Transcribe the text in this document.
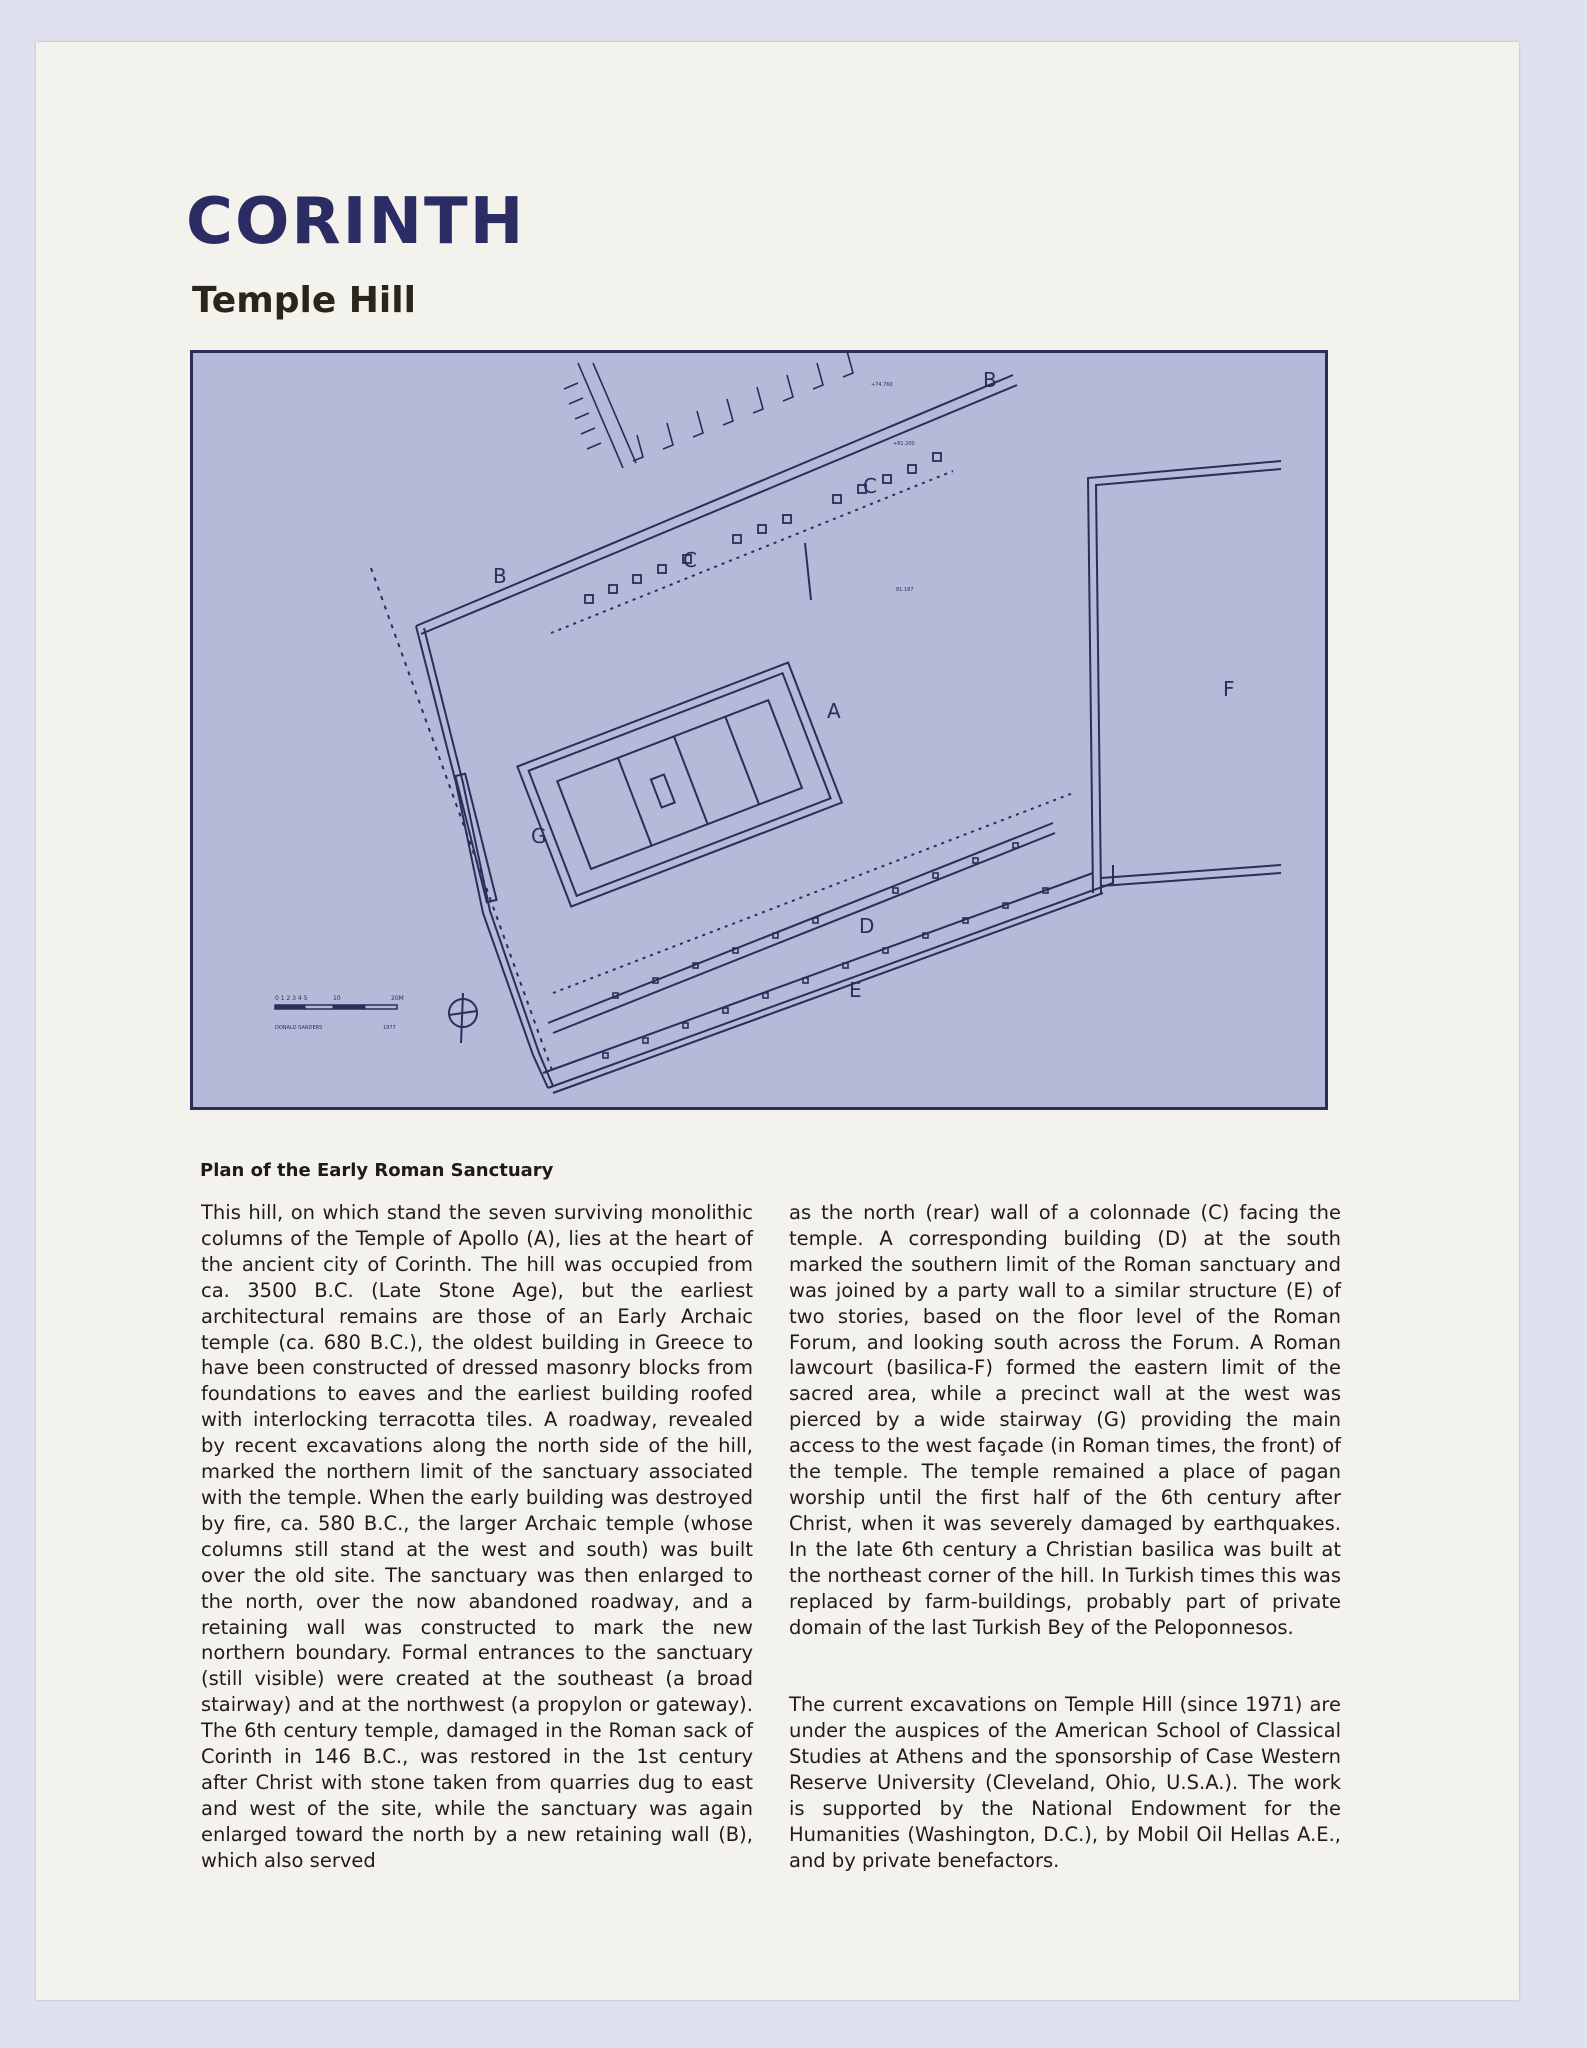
CORINTH
Temple Hill
A
B
B
C
C
D
E
F
G
0 1 2 3 4 5	10	20M
DONALD SANDERS	1977
+74.760
+81.200
81.187

Plan of the Early Roman Sanctuary

This hill, on which stand the seven surviving monolithic columns of the Temple of Apollo (A), lies at the heart of the ancient city of Corinth. The hill was occupied from ca. 3500 B.C. (Late Stone Age), but the earliest architectural remains are those of an Early Archaic temple (ca. 680 B.C.), the oldest building in Greece to have been constructed of dressed masonry blocks from foundations to eaves and the earliest building roofed with interlocking terracotta tiles. A roadway, revealed by recent excavations along the north side of the hill, marked the northern limit of the sanctuary associated with the temple. When the early building was destroyed by fire, ca. 580 B.C., the larger Archaic temple (whose columns still stand at the west and south) was built over the old site. The sanctuary was then enlarged to the north, over the now abandoned roadway, and a retaining wall was constructed to mark the new northern boundary. Formal entrances to the sanctuary (still visible) were created at the southeast (a broad stairway) and at the northwest (a propylon or gateway). The 6th century temple, damaged in the Roman sack of Corinth in 146 B.C., was restored in the 1st century after Christ with stone taken from quarries dug to east and west of the site, while the sanctuary was again enlarged toward the north by a new retaining wall (B), which also served

as the north (rear) wall of a colonnade (C) facing the temple. A corresponding building (D) at the south marked the southern limit of the Roman sanctuary and was joined by a party wall to a similar structure (E) of two stories, based on the floor level of the Roman Forum, and looking south across the Forum. A Roman lawcourt (basilica-F) formed the eastern limit of the sacred area, while a precinct wall at the west was pierced by a wide stairway (G) providing the main access to the west façade (in Roman times, the front) of the temple. The temple remained a place of pagan worship until the first half of the 6th century after Christ, when it was severely damaged by earthquakes. In the late 6th century a Christian basilica was built at the northeast corner of the hill. In Turkish times this was replaced by farm-buildings, probably part of private domain of the last Turkish Bey of the Peloponnesos.

The current excavations on Temple Hill (since 1971) are under the auspices of the American School of Classical Studies at Athens and the sponsorship of Case Western Reserve University (Cleveland, Ohio, U.S.A.). The work is supported by the National Endowment for the Humanities (Washington, D.C.), by Mobil Oil Hellas A.E., and by private benefactors.
